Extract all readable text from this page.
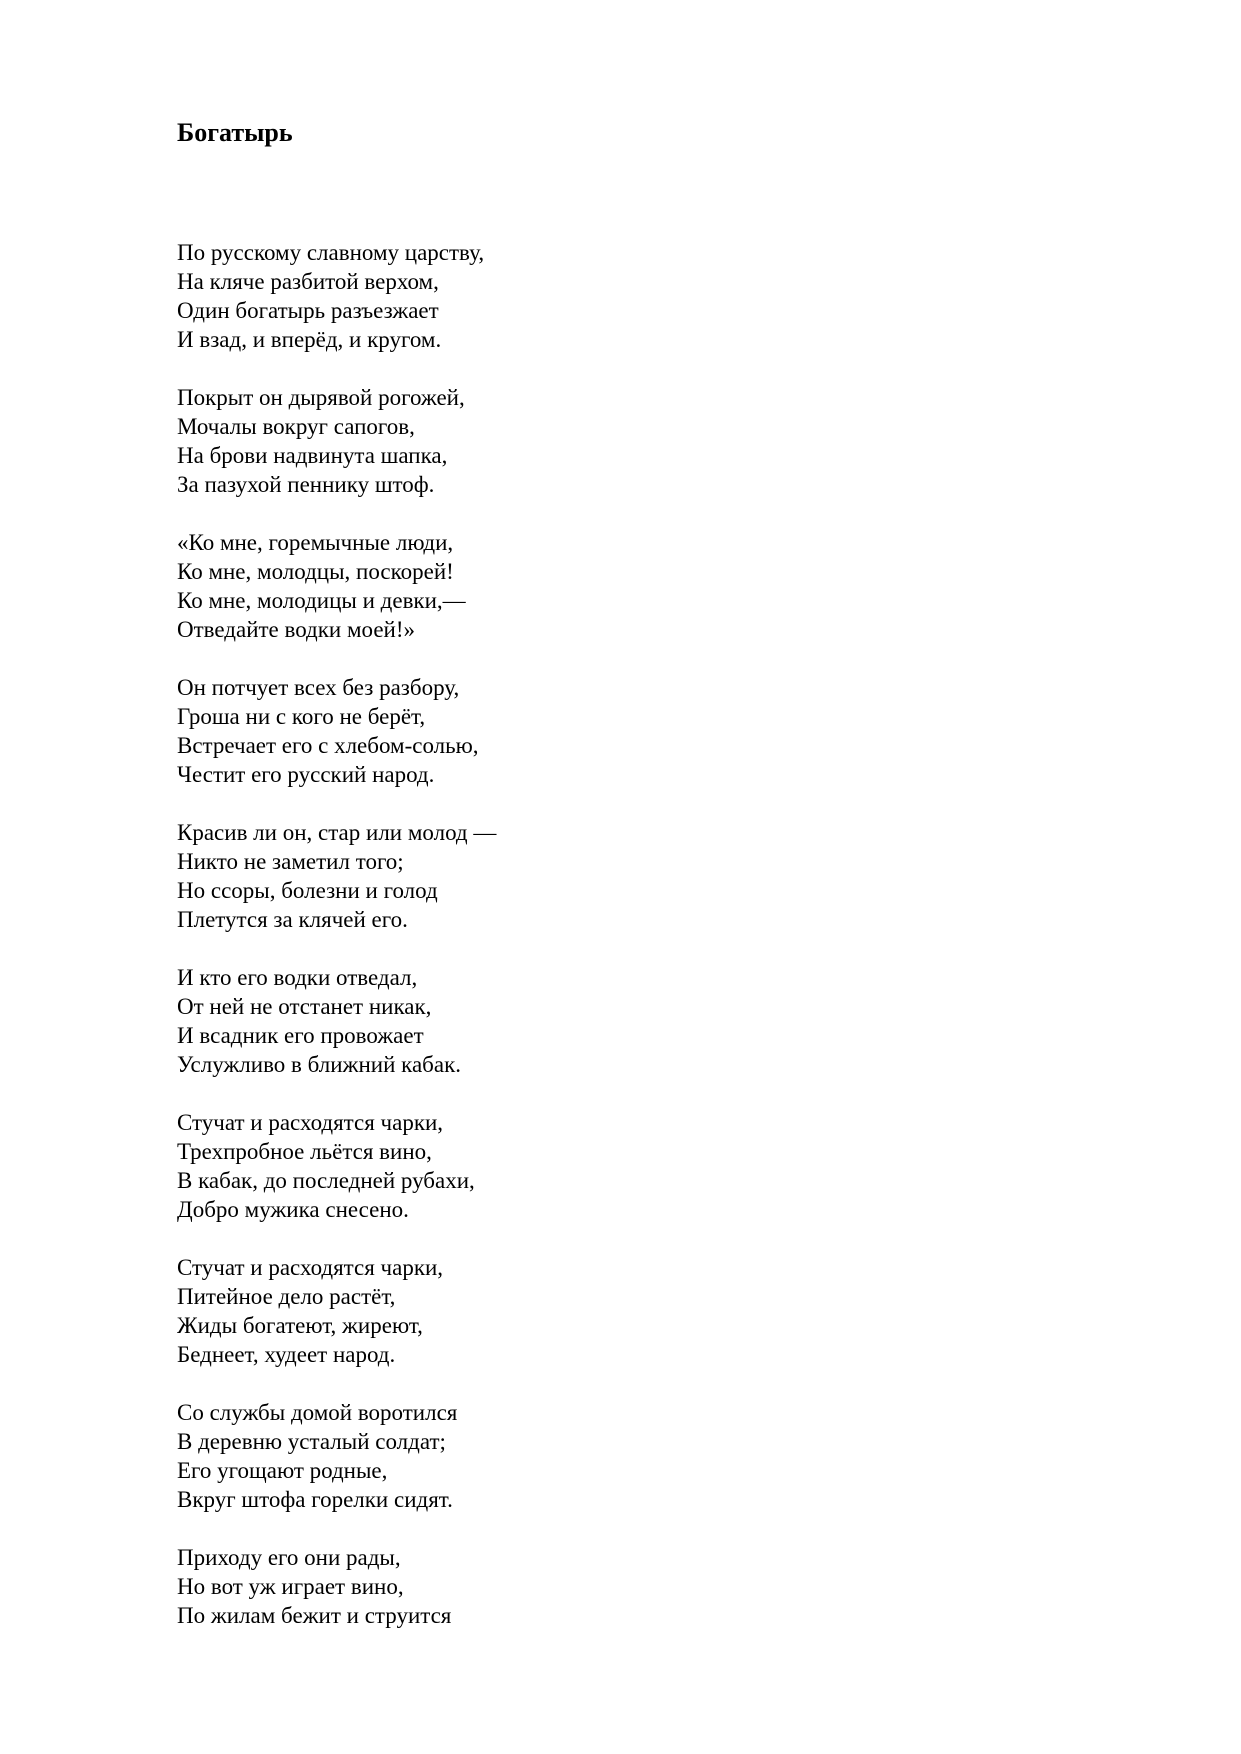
Богатырь
По русскому славному царству,
На кляче разбитой верхом,
Один богатырь разъезжает
И взад, и вперёд, и кругом.
Покрыт он дырявой рогожей,
Мочалы вокруг сапогов,
На брови надвинута шапка,
За пазухой пеннику штоф.
«Ко мне, горемычные люди,
Ко мне, молодцы, поскорей!
Ко мне, молодицы и девки,—
Отведайте водки моей!»
Он потчует всех без разбору,
Гроша ни с кого не берёт,
Встречает его с хлебом-солью,
Честит его русский народ.
Красив ли он, стар или молод —
Никто не заметил того;
Но ссоры, болезни и голод
Плетутся за клячей его.
И кто его водки отведал,
От ней не отстанет никак,
И всадник его провожает
Услужливо в ближний кабак.
Стучат и расходятся чарки,
Трехпробное льётся вино,
В кабак, до последней рубахи,
Добро мужика снесено.
Стучат и расходятся чарки,
Питейное дело растёт,
Жиды богатеют, жиреют,
Беднеет, худеет народ.
Со службы домой воротился
В деревню усталый солдат;
Его угощают родные,
Вкруг штофа горелки сидят.
Приходу его они рады,
Но вот уж играет вино,
По жилам бежит и струится
